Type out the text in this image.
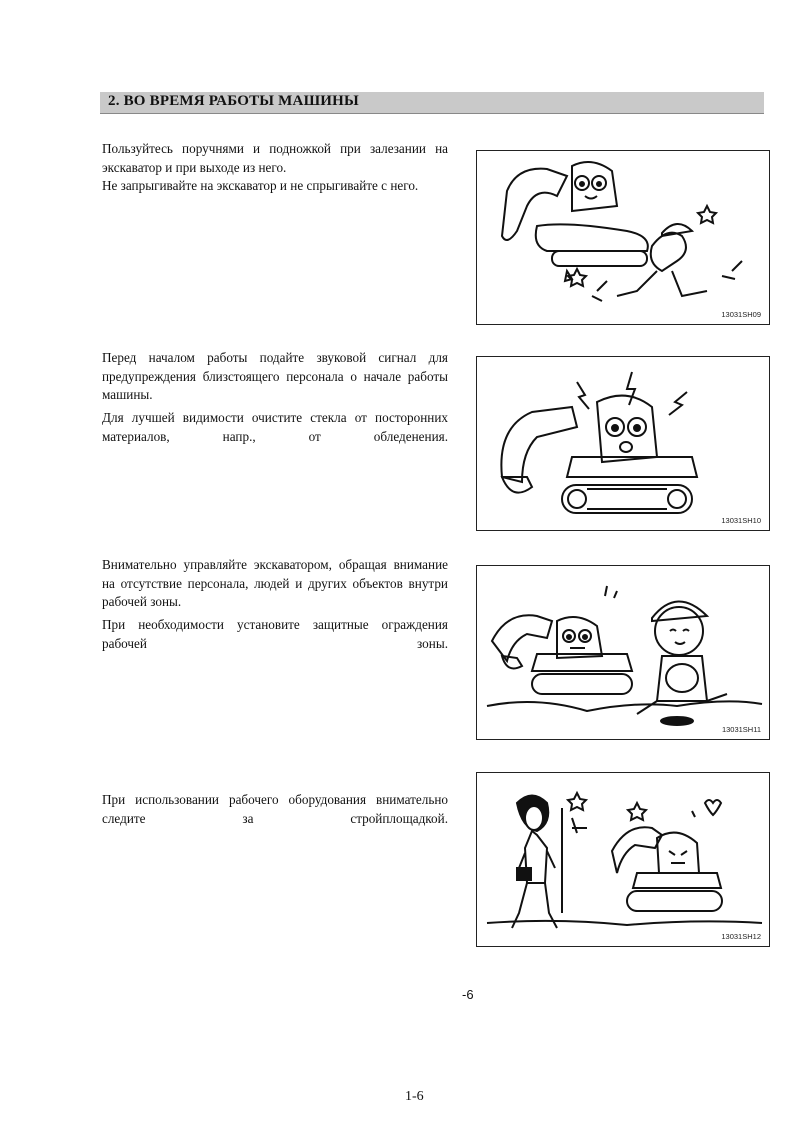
2. ВО ВРЕМЯ РАБОТЫ МАШИНЫ

Пользуйтесь поручнями и подножкой при залезании на экскаватор и при выходе из него.

Не запрыгивайте на экскаватор и не спрыгивайте с него.

13031SH09

Перед началом работы подайте звуковой сигнал для предупреждения близстоящего персонала о начале работы машины.

Для лучшей видимости очистите стекла от посторонних материалов, напр., от обледенения.

13031SH10

Внимательно управляйте экскаватором, обращая внимание на отсутствие персонала, людей и других объектов внутри рабочей зоны.

При необходимости установите защитные ограждения рабочей зоны.

13031SH11

При использовании рабочего оборудования внимательно следите за стройплощадкой.

13031SH12
-6
1-6
